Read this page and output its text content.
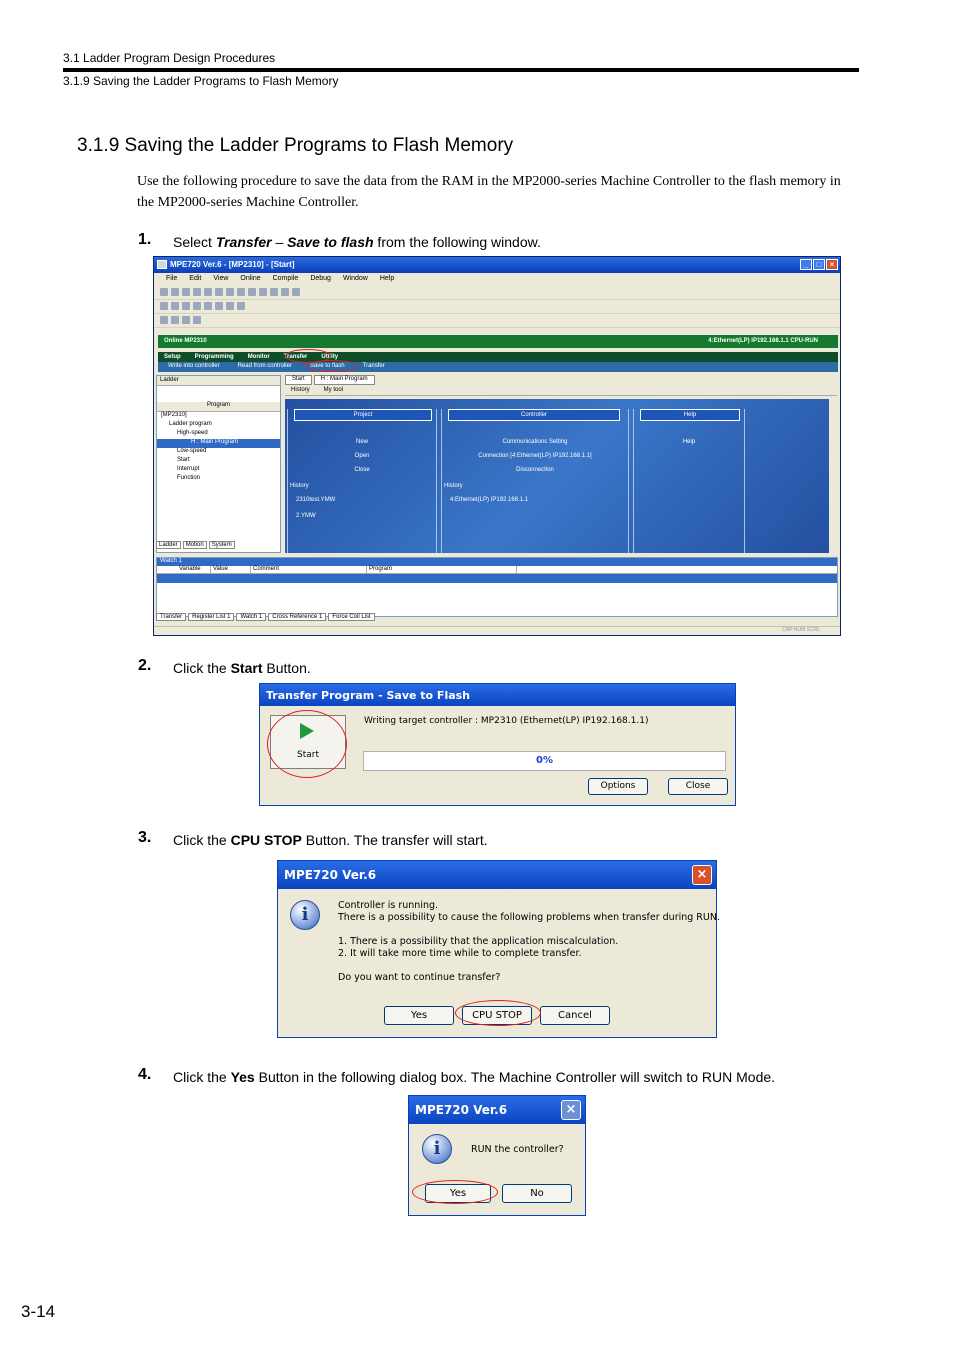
3.1 Ladder Program Design Procedures
3.1.9 Saving the Ladder Programs to Flash Memory
3.1.9 Saving the Ladder Programs to Flash Memory
Use the following procedure to save the data from the RAM in the MP2000-series Machine Controller to the flash memory in the MP2000-series Machine Controller.
1. Select Transfer – Save to flash from the following window.
MPE720 Ver.6 - [MP2310] - [Start]	_	□	×
File	Edit	View	Online	Compile	Debug	Window	Help
Online MP2310	4:Ethernet(LP) IP192.168.1.1 CPU-RUN
Setup Programming Monitor Transfer Utility
Write into controller	Read from controller	Save to flash	Transfer
Ladder
Program
[MP2310]
Ladder program
High-speed
H : Main Program
Low-speed
Start
Interrupt
Function
Ladder	Motion	System
Start	H : Main Program
History My tool
Project
New
Open
Close
History
2310test.YMW
2.YMW
Controller
Communications Setting
Connection [4:Ethernet(LP) IP192.168.1.1]
Disconnection
History
4:Ethernet(LP) IP192.168.1.1
Help
Help
Watch 1
Variable	Value	Comment	Program
Transfer	Register List 1	Watch 1	Cross Reference 1	Force Coil List
CAP NUM SCRL
2. Click the Start Button.
Transfer Program - Save to Flash
Start
Writing target controller : MP2310 (Ethernet(LP) IP192.168.1.1)
0%
Options	Close
3. Click the CPU STOP Button. The transfer will start.
MPE720 Ver.6	×
i	Controller is running.
There is a possibility to cause the following problems when transfer during RUN.
1. There is a possibility that the application miscalculation.
2. It will take more time while to complete transfer.
Do you want to continue transfer?
Yes	CPU STOP	Cancel
4. Click the Yes Button in the following dialog box. The Machine Controller will switch to RUN Mode.
MPE720 Ver.6	×
i	RUN the controller?
Yes	No
3-14
